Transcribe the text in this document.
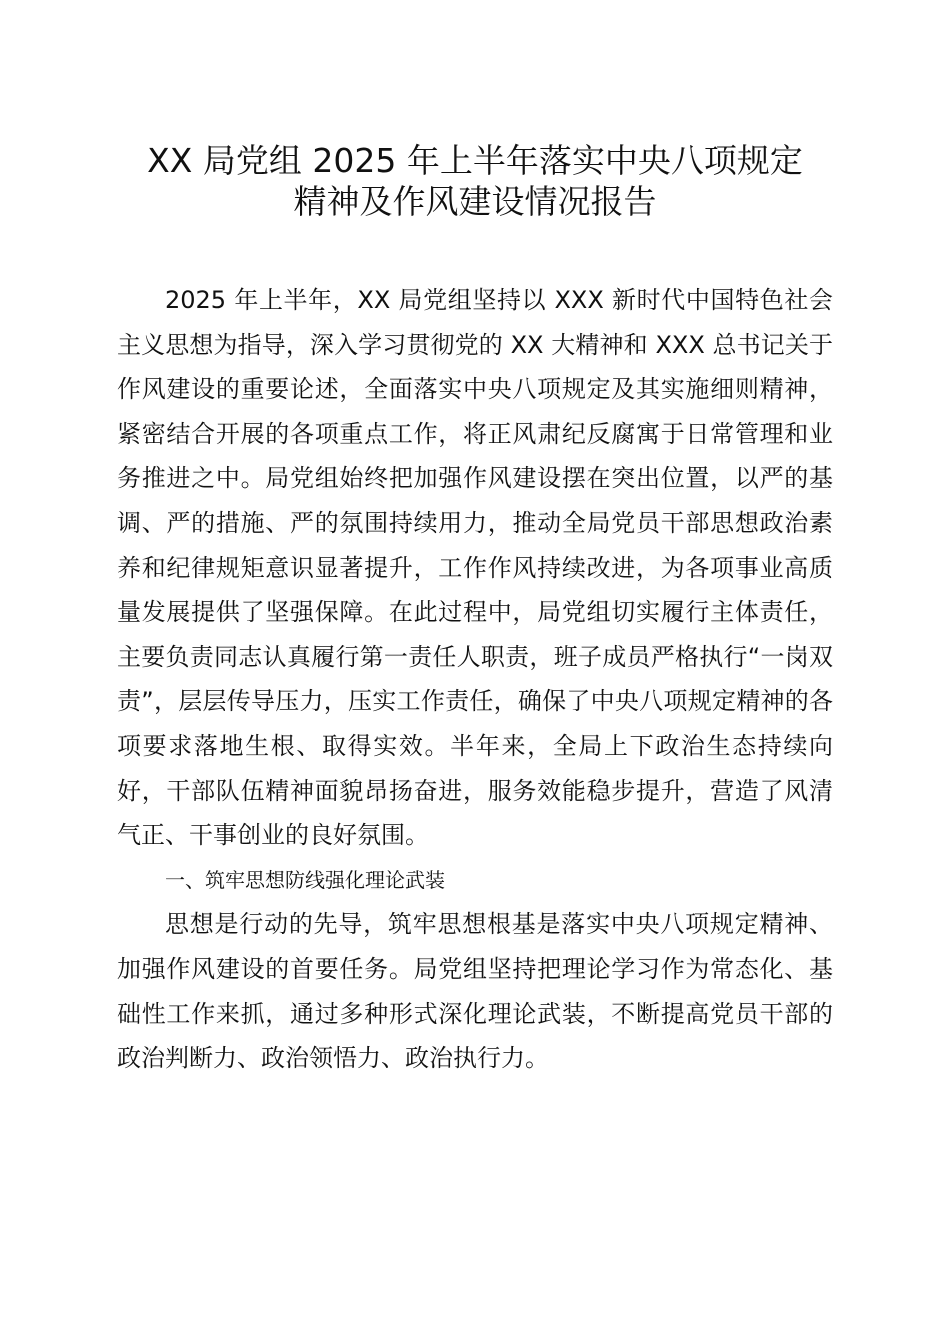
XX 局党组 2025 年上半年落实中央八项规定
精神及作风建设情况报告

2025 年上半年，XX 局党组坚持以 XXX 新时代中国特色社会主义思想为指导，深入学习贯彻党的 XX 大精神和 XXX 总书记关于作风建设的重要论述，全面落实中央八项规定及其实施细则精神，紧密结合开展的各项重点工作，将正风肃纪反腐寓于日常管理和业务推进之中。局党组始终把加强作风建设摆在突出位置，以严的基调、严的措施、严的氛围持续用力，推动全局党员干部思想政治素养和纪律规矩意识显著提升，工作作风持续改进，为各项事业高质量发展提供了坚强保障。在此过程中，局党组切实履行主体责任，主要负责同志认真履行第一责任人职责，班子成员严格执行“一岗双责”，层层传导压力，压实工作责任，确保了中央八项规定精神的各项要求落地生根、取得实效。半年来，全局上下政治生态持续向好，干部队伍精神面貌昂扬奋进，服务效能稳步提升，营造了风清气正、干事创业的良好氛围。

一、筑牢思想防线强化理论武装

思想是行动的先导，筑牢思想根基是落实中央八项规定精神、加强作风建设的首要任务。局党组坚持把理论学习作为常态化、基础性工作来抓，通过多种形式深化理论武装，不断提高党员干部的政治判断力、政治领悟力、政治执行力。
